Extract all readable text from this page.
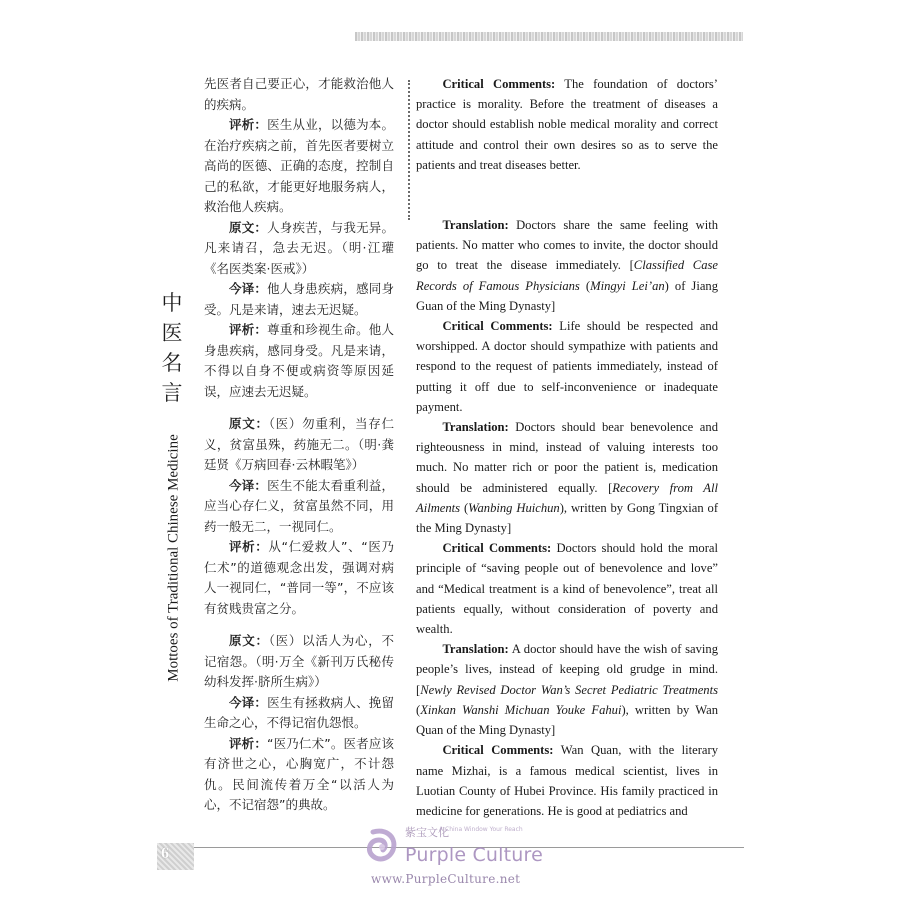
中
医
名
言
Mottoes of Traditional Chinese Medicine

先医者自己要正心，才能救治他人的疾病。

评析：医生从业，以德为本。在治疗疾病之前，首先医者要树立高尚的医德、正确的态度，控制自己的私欲，才能更好地服务病人，救治他人疾病。

原文：人身疾苦，与我无异。凡来请召，急去无迟。（明·江瓘《名医类案·医戒》）

今译：他人身患疾病，感同身受。凡是来请，速去无迟疑。

评析：尊重和珍视生命。他人身患疾病，感同身受。凡是来请，不得以自身不便或病资等原因延误，应速去无迟疑。

原文：（医）勿重利，当存仁义，贫富虽殊，药施无二。（明·龚廷贤《万病回春·云林暇笔》）

今译：医生不能太看重利益，应当心存仁义，贫富虽然不同，用药一般无二，一视同仁。

评析：从“仁爱救人”、“医乃仁术”的道德观念出发，强调对病人一视同仁，“普同一等”，不应该有贫贱贵富之分。

原文：（医）以活人为心，不记宿怨。（明·万全《新刊万氏秘传幼科发挥·脐所生病》）

今译：医生有拯救病人、挽留生命之心，不得记宿仇怨恨。

评析：“医乃仁术”。医者应该有济世之心，心胸宽广，不计怨仇。民间流传着万全“以活人为心，不记宿怨”的典故。

Critical Comments: The foundation of doctors’ practice is morality. Before the treatment of diseases a doctor should establish noble medical morality and correct attitude and control their own desires so as to serve the patients and treat diseases better.

Translation: Doctors share the same feeling with patients. No matter who comes to invite, the doctor should go to treat the disease immediately. [Classified Case Records of Famous Physicians (Mingyi Lei’an) of Jiang Guan of the Ming Dynasty]

Critical Comments: Life should be respected and worshipped. A doctor should sympathize with patients and respond to the request of patients immediately, instead of putting it off due to self-inconvenience or inadequate payment.

Translation: Doctors should bear benevolence and righteousness in mind, instead of valuing interests too much. No matter rich or poor the patient is, medication should be administered equally. [Recovery from All Ailments (Wanbing Huichun), written by Gong Tingxian of the Ming Dynasty]

Critical Comments: Doctors should hold the moral principle of “saving people out of benevolence and love” and “Medical treatment is a kind of benevolence”, treat all patients equally, without consideration of poverty and wealth.

Translation: A doctor should have the wish of saving people’s lives, instead of keeping old grudge in mind. [Newly Revised Doctor Wan’s Secret Pediatric Treatments (Xinkan Wanshi Michuan Youke Fahui), written by Wan Quan of the Ming Dynasty]

Critical Comments: Wan Quan, with the literary name Mizhai, is a famous medical scientist, lives in Luotian County of Hubei Province. His family practiced in medicine for generations. He is good at pediatrics and

6
紫宝文化
A China Window Your Reach
Purple Culture
www.PurpleCulture.net
